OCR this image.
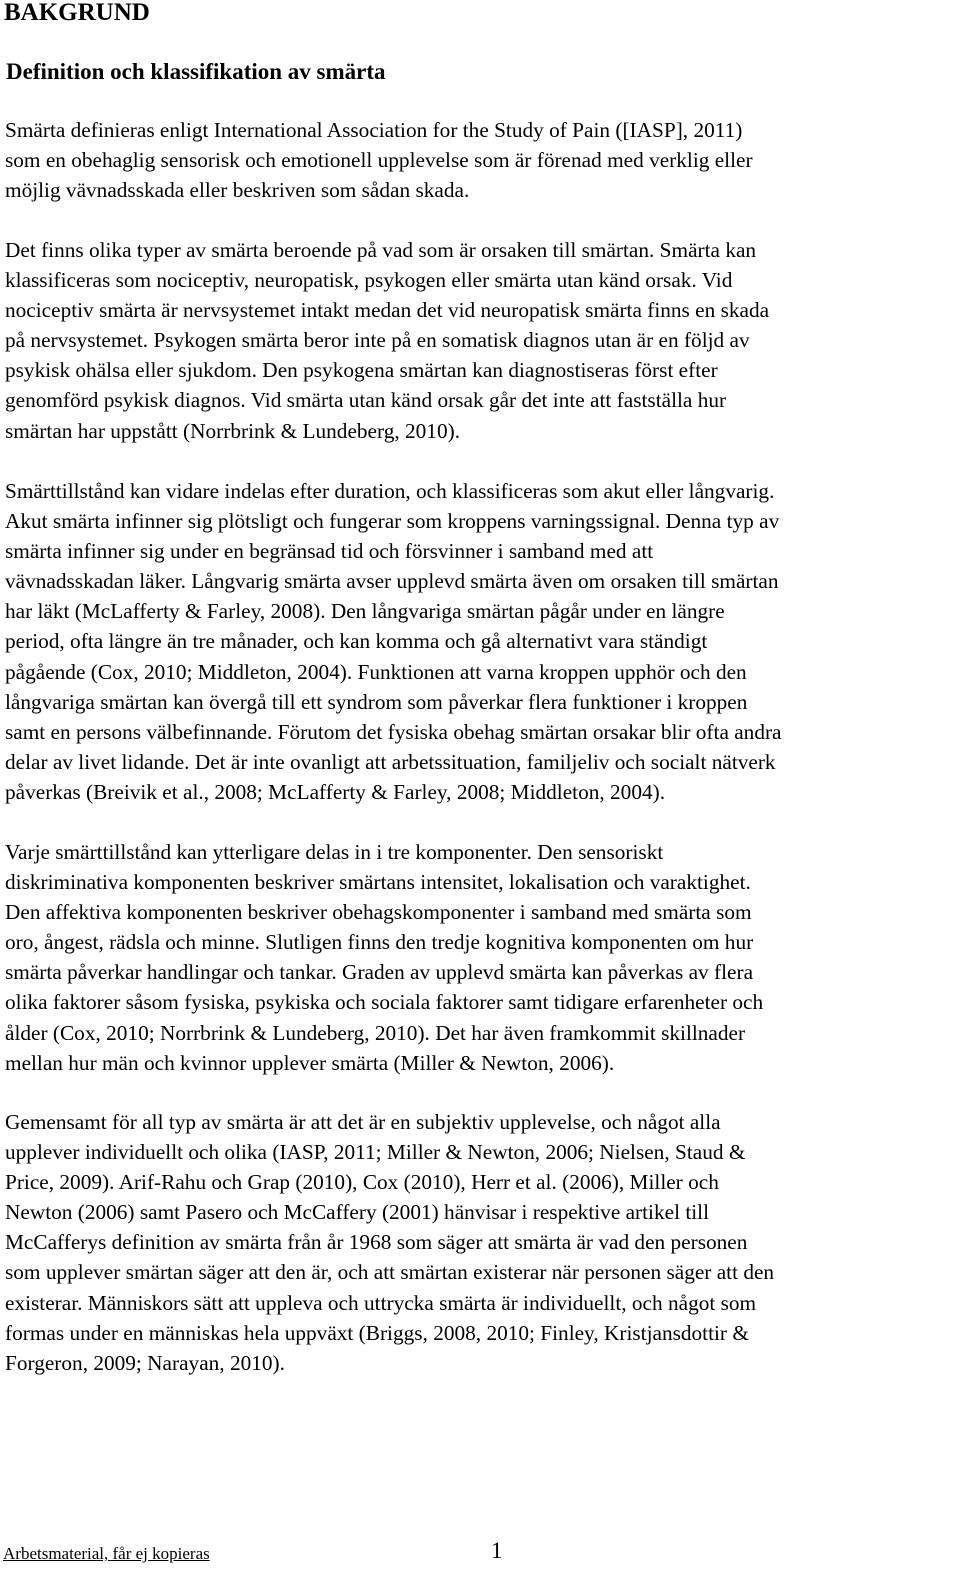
BAKGRUND
Definition och klassifikation av smärta

Smärta definieras enligt International Association for the Study of Pain ([IASP], 2011)
som en obehaglig sensorisk och emotionell upplevelse som är förenad med verklig eller
möjlig vävnadsskada eller beskriven som sådan skada.

Det finns olika typer av smärta beroende på vad som är orsaken till smärtan. Smärta kan
klassificeras som nociceptiv, neuropatisk, psykogen eller smärta utan känd orsak. Vid
nociceptiv smärta är nervsystemet intakt medan det vid neuropatisk smärta finns en skada
på nervsystemet. Psykogen smärta beror inte på en somatisk diagnos utan är en följd av
psykisk ohälsa eller sjukdom. Den psykogena smärtan kan diagnostiseras först efter
genomförd psykisk diagnos. Vid smärta utan känd orsak går det inte att fastställa hur
smärtan har uppstått (Norrbrink & Lundeberg, 2010).

Smärttillstånd kan vidare indelas efter duration, och klassificeras som akut eller långvarig.
Akut smärta infinner sig plötsligt och fungerar som kroppens varningssignal. Denna typ av
smärta infinner sig under en begränsad tid och försvinner i samband med att
vävnadsskadan läker. Långvarig smärta avser upplevd smärta även om orsaken till smärtan
har läkt (McLafferty & Farley, 2008). Den långvariga smärtan pågår under en längre
period, ofta längre än tre månader, och kan komma och gå alternativt vara ständigt
pågående (Cox, 2010; Middleton, 2004). Funktionen att varna kroppen upphör och den
långvariga smärtan kan övergå till ett syndrom som påverkar flera funktioner i kroppen
samt en persons välbefinnande. Förutom det fysiska obehag smärtan orsakar blir ofta andra
delar av livet lidande. Det är inte ovanligt att arbetssituation, familjeliv och socialt nätverk
påverkas (Breivik et al., 2008; McLafferty & Farley, 2008; Middleton, 2004).

Varje smärttillstånd kan ytterligare delas in i tre komponenter. Den sensoriskt
diskriminativa komponenten beskriver smärtans intensitet, lokalisation och varaktighet.
Den affektiva komponenten beskriver obehagskomponenter i samband med smärta som
oro, ångest, rädsla och minne. Slutligen finns den tredje kognitiva komponenten om hur
smärta påverkar handlingar och tankar. Graden av upplevd smärta kan påverkas av flera
olika faktorer såsom fysiska, psykiska och sociala faktorer samt tidigare erfarenheter och
ålder (Cox, 2010; Norrbrink & Lundeberg, 2010). Det har även framkommit skillnader
mellan hur män och kvinnor upplever smärta (Miller & Newton, 2006).

Gemensamt för all typ av smärta är att det är en subjektiv upplevelse, och något alla
upplever individuellt och olika (IASP, 2011; Miller & Newton, 2006; Nielsen, Staud &
Price, 2009). Arif-Rahu och Grap (2010), Cox (2010), Herr et al. (2006), Miller och
Newton (2006) samt Pasero och McCaffery (2001) hänvisar i respektive artikel till
McCafferys definition av smärta från år 1968 som säger att smärta är vad den personen
som upplever smärtan säger att den är, och att smärtan existerar när personen säger att den
existerar. Människors sätt att uppleva och uttrycka smärta är individuellt, och något som
formas under en människas hela uppväxt (Briggs, 2008, 2010; Finley, Kristjansdottir &
Forgeron, 2009; Narayan, 2010).

Arbetsmaterial, får ej kopieras	1
